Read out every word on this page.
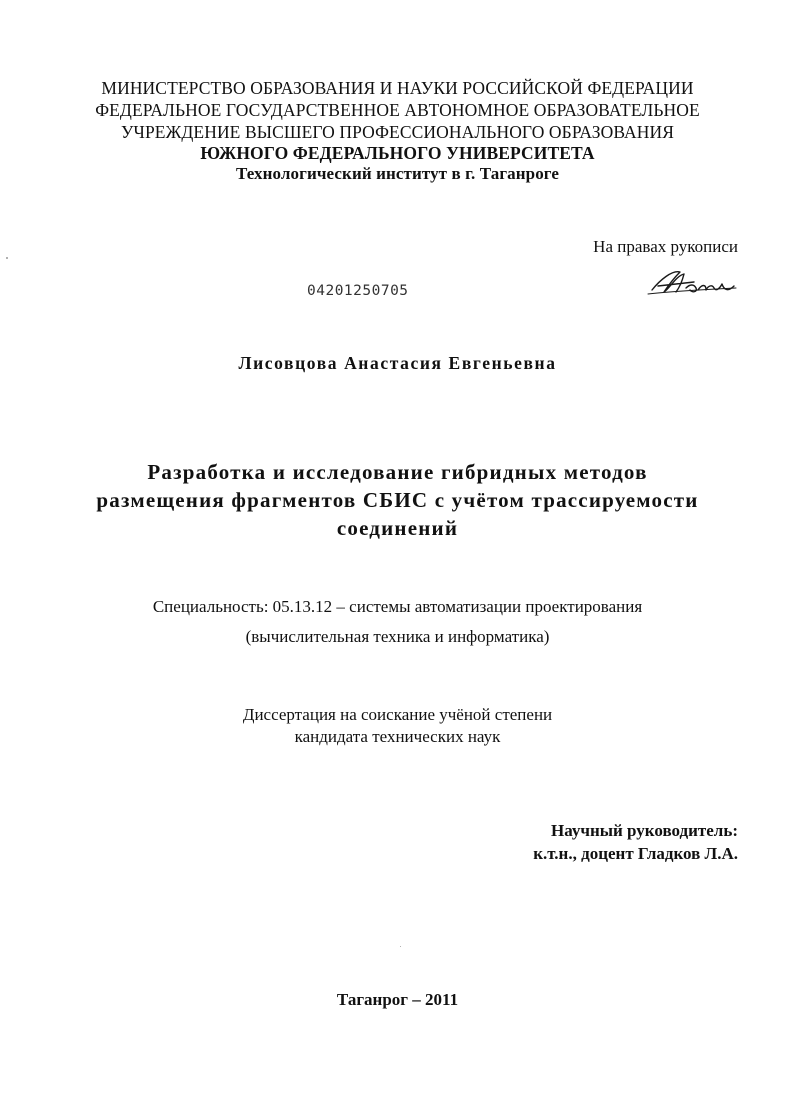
МИНИСТЕРСТВО ОБРАЗОВАНИЯ И НАУКИ РОССИЙСКОЙ ФЕДЕРАЦИИ
ФЕДЕРАЛЬНОЕ ГОСУДАРСТВЕННОЕ АВТОНОМНОЕ ОБРАЗОВАТЕЛЬНОЕ
УЧРЕЖДЕНИЕ ВЫСШЕГО ПРОФЕССИОНАЛЬНОГО ОБРАЗОВАНИЯ
ЮЖНОГО ФЕДЕРАЛЬНОГО УНИВЕРСИТЕТА
Технологический институт в г. Таганроге
На правах рукописи
04201250705
Лисовцова Анастасия Евгеньевна
Разработка и исследование гибридных методов
размещения фрагментов СБИС с учётом трассируемости
соединений
Специальность: 05.13.12 – системы автоматизации проектирования
(вычислительная техника и информатика)
Диссертация на соискание учёной степени
кандидата технических наук
Научный руководитель:
к.т.н., доцент Гладков Л.А.
Таганрог – 2011
